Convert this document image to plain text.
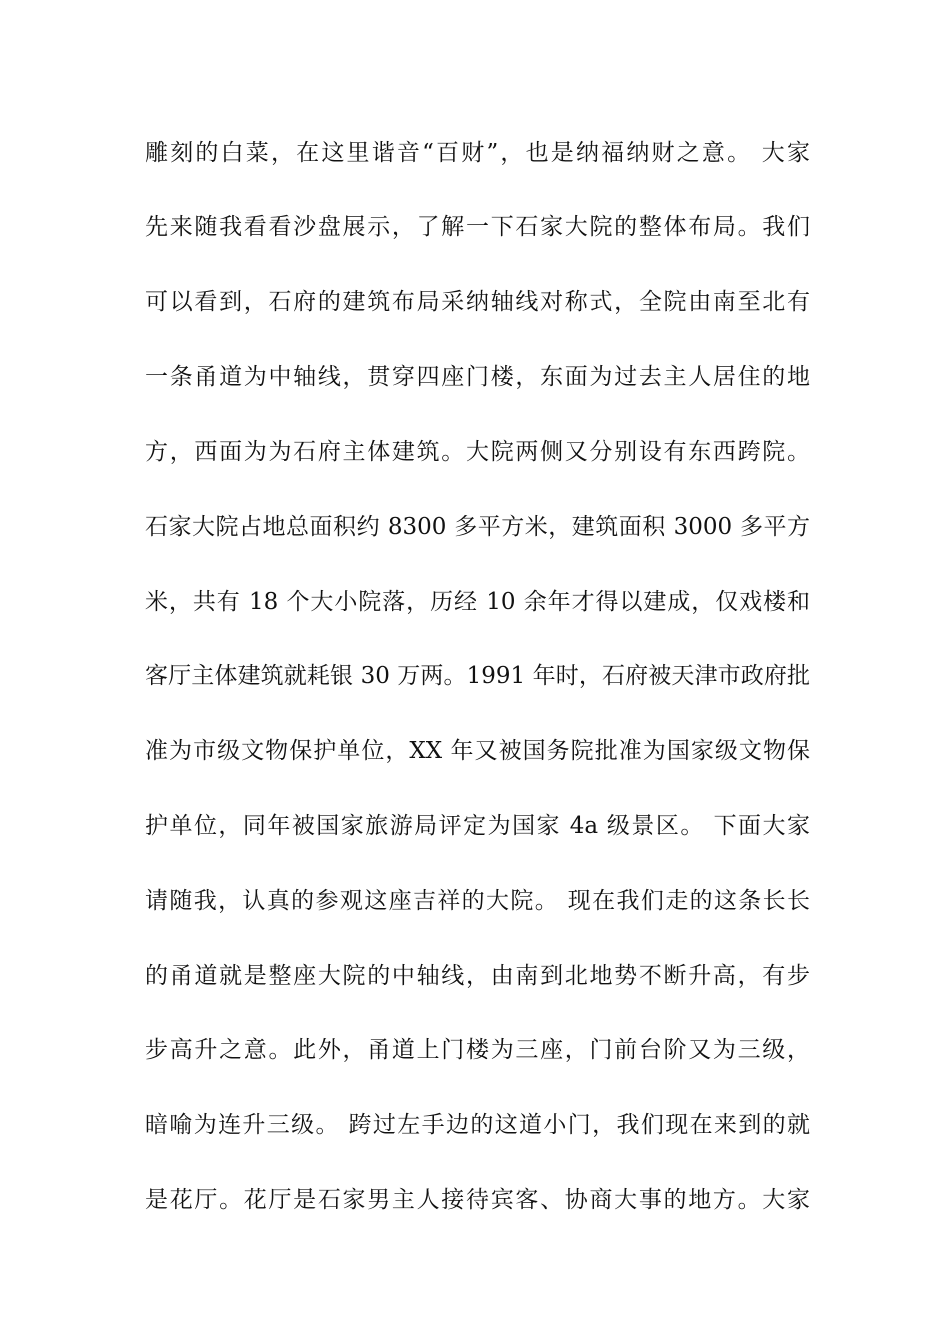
雕刻的白菜，在这里谐音“百财”，也是纳福纳财之意。 大家

先来随我看看沙盘展示，了解一下石家大院的整体布局。我们

可以看到，石府的建筑布局采纳轴线对称式，全院由南至北有

一条甬道为中轴线，贯穿四座门楼，东面为过去主人居住的地

方，西面为为石府主体建筑。大院两侧又分别设有东西跨院。

石家大院占地总面积约 8300 多平方米，建筑面积 3000 多平方

米，共有 18 个大小院落，历经 10 余年才得以建成，仅戏楼和

客厅主体建筑就耗银 30 万两。1991 年时，石府被天津市政府批

准为市级文物保护单位，XX 年又被国务院批准为国家级文物保

护单位，同年被国家旅游局评定为国家 4a 级景区。 下面大家

请随我，认真的参观这座吉祥的大院。 现在我们走的这条长长

的甬道就是整座大院的中轴线，由南到北地势不断升高，有步

步高升之意。此外，甬道上门楼为三座，门前台阶又为三级，

暗喻为连升三级。 跨过左手边的这道小门，我们现在来到的就

是花厅。花厅是石家男主人接待宾客、协商大事的地方。大家
